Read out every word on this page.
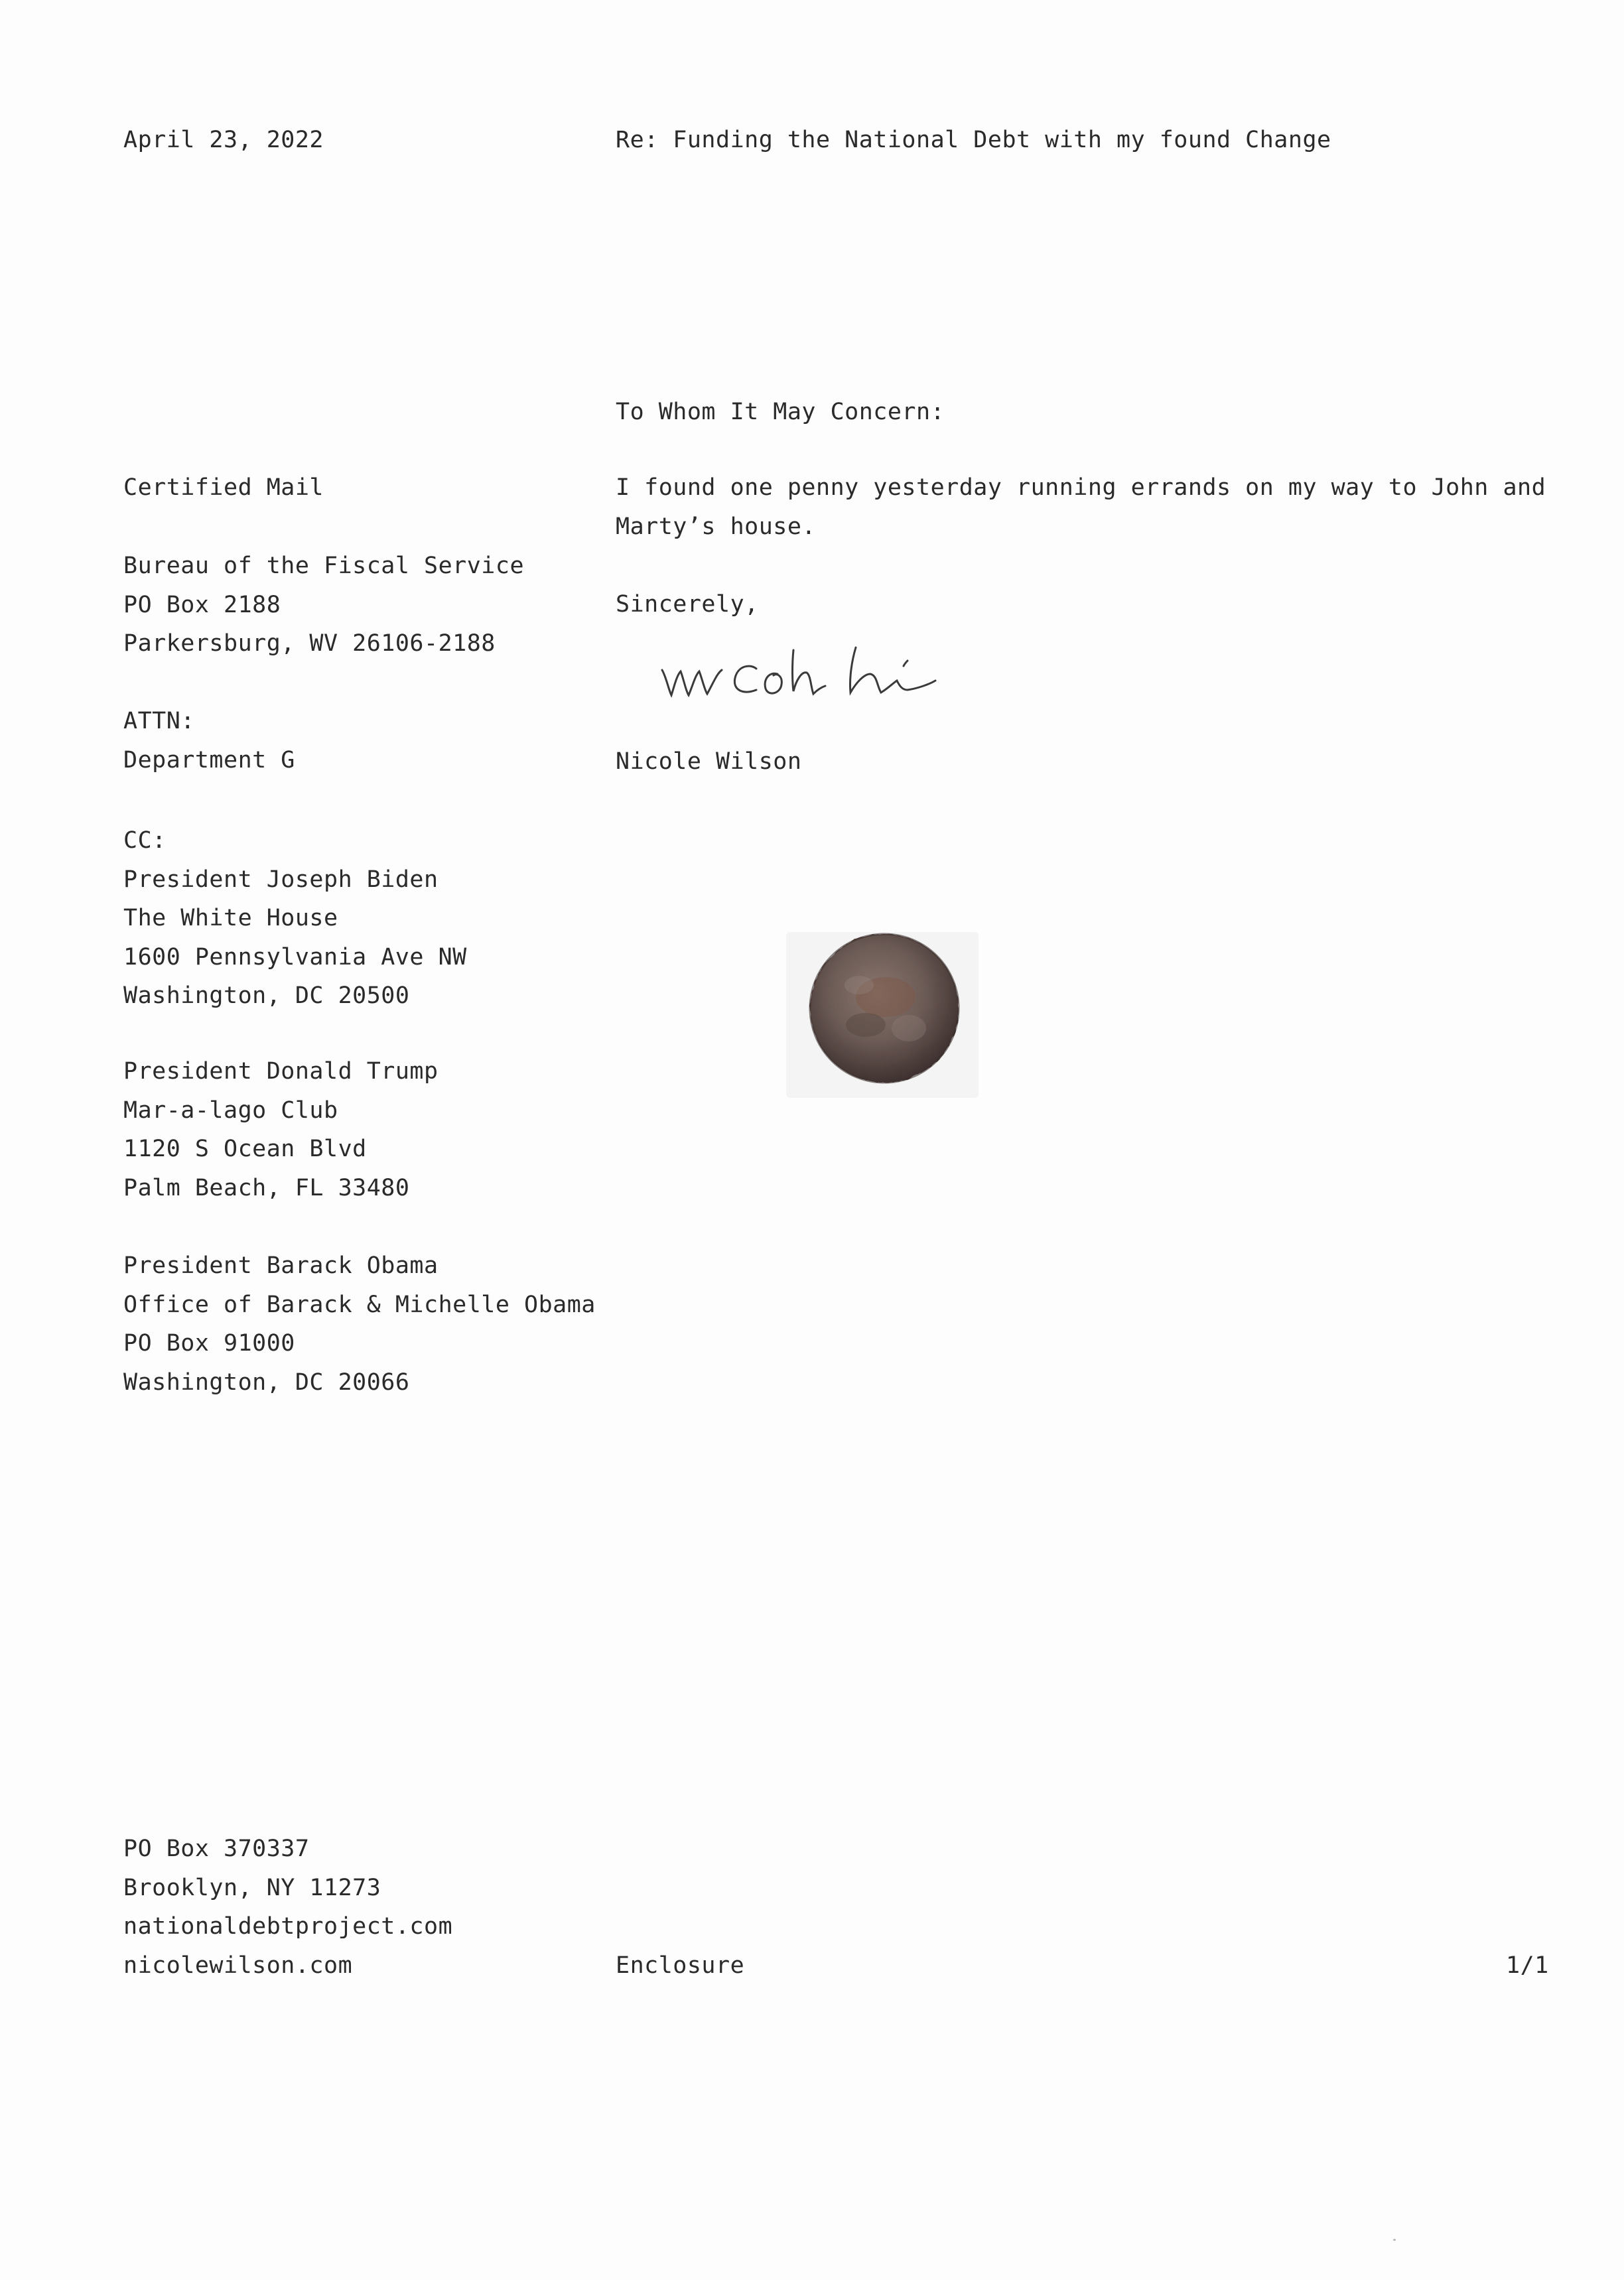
April 23, 2022	Re: Funding the National Debt with my found Change
To Whom It May Concern:
Certified Mail
Bureau of the Fiscal Service
PO Box 2188
Parkersburg, WV 26106-2188
ATTN:
Department G
CC:
President Joseph Biden
The White House
1600 Pennsylvania Ave NW
Washington, DC 20500
President Donald Trump
Mar-a-lago Club
1120 S Ocean Blvd
Palm Beach, FL 33480
President Barack Obama
Office of Barack & Michelle Obama
PO Box 91000
Washington, DC 20066
I found one penny yesterday running errands on my way to John and
Marty’s house.
Sincerely,
Nicole Wilson
PO Box 370337
Brooklyn, NY 11273
nationaldebtproject.com
nicolewilson.com	Enclosure	1/1
